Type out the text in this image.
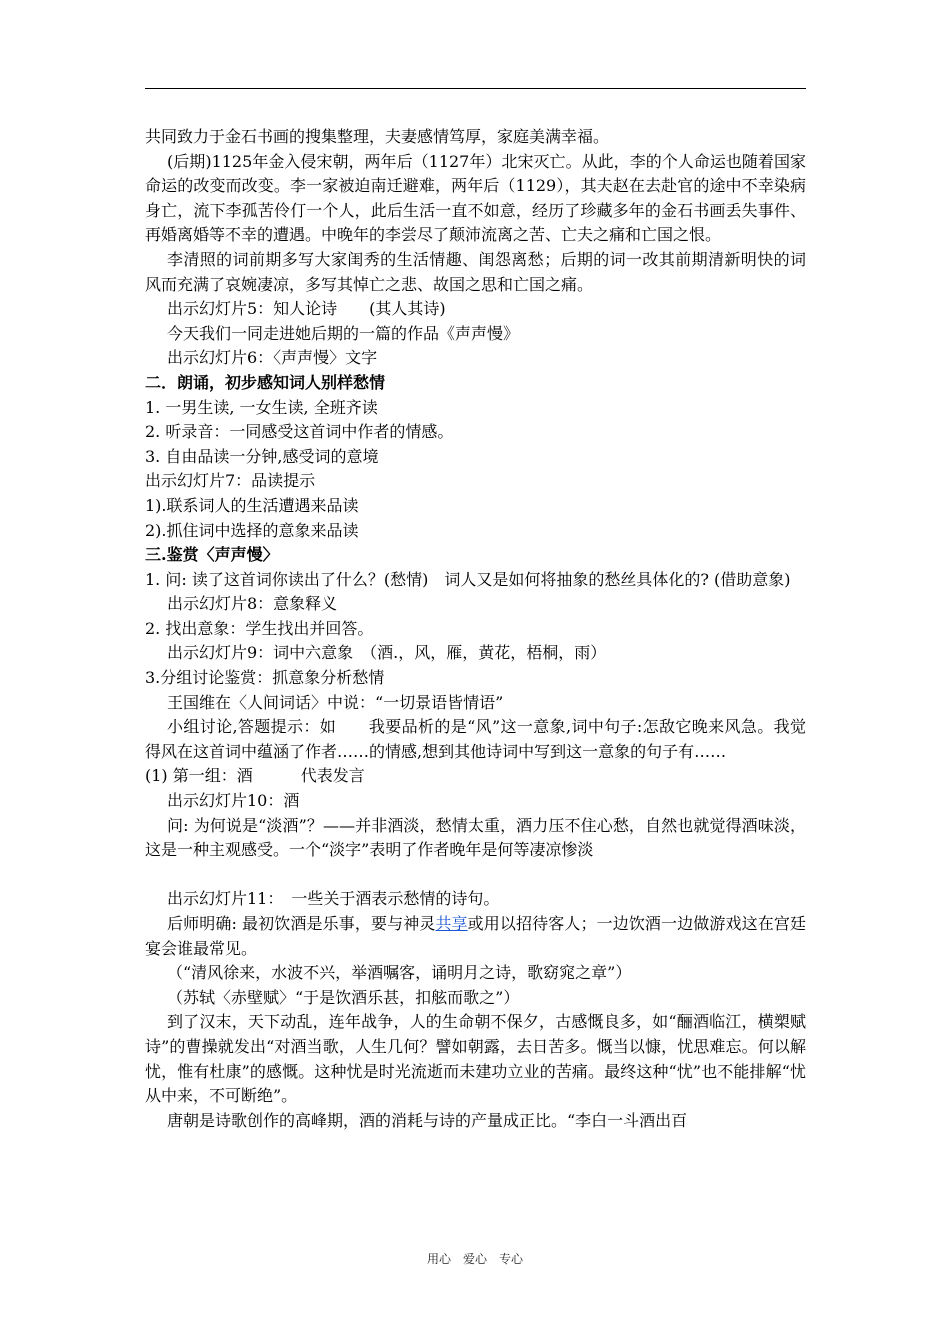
共同致力于金石书画的搜集整理，夫妻感情笃厚，家庭美满幸福。

(后期)1125年金入侵宋朝，两年后（1127年）北宋灭亡。从此，李的个人命运也随着国家命运的改变而改变。李一家被迫南迁避难，两年后（1129），其夫赵在去赴官的途中不幸染病身亡，流下李孤苦伶仃一个人，此后生活一直不如意，经历了珍藏多年的金石书画丢失事件、再婚离婚等不幸的遭遇。中晚年的李尝尽了颠沛流离之苦、亡夫之痛和亡国之恨。

李清照的词前期多写大家闺秀的生活情趣、闺怨离愁；后期的词一改其前期清新明快的词风而充满了哀婉凄凉，多写其悼亡之悲、故国之思和亡国之痛。

出示幻灯片5：知人论诗　　(其人其诗)

今天我们一同走进她后期的一篇的作品《声声慢》

出示幻灯片6：〈声声慢〉文字

二．朗诵，初步感知词人别样愁情

1. 一男生读, 一女生读, 全班齐读

2. 听录音：一同感受这首词中作者的情感。

3. 自由品读一分钟,感受词的意境

出示幻灯片7：品读提示

1).联系词人的生活遭遇来品读

2).抓住词中选择的意象来品读

三.鉴赏〈声声慢〉

1. 问: 读了这首词你读出了什么？(愁情)　词人又是如何将抽象的愁丝具体化的? (借助意象)

出示幻灯片8：意象释义

2. 找出意象：学生找出并回答。

出示幻灯片9：词中六意象　（酒.，风，雁，黄花，梧桐，雨）

3.分组讨论鉴赏：抓意象分析愁情

王国维在〈人间词话〉中说：“一切景语皆情语”

小组讨论,答题提示：如　　我要品析的是“风”这一意象,词中句子:怎敌它晚来风急。我觉得风在这首词中蕴涵了作者……的情感,想到其他诗词中写到这一意象的句子有……

(1) 第一组：酒　　　代表发言

出示幻灯片10：酒

问: 为何说是“淡酒”？——并非酒淡，愁情太重，酒力压不住心愁，自然也就觉得酒味淡，这是一种主观感受。一个“淡字”表明了作者晚年是何等凄凉惨淡

出示幻灯片11：　一些关于酒表示愁情的诗句。

后师明确: 最初饮酒是乐事，要与神灵共享或用以招待客人；一边饮酒一边做游戏这在宫廷宴会谁最常见。

（“清风徐来，水波不兴，举酒嘱客，诵明月之诗，歌窈窕之章”）

（苏轼〈赤壁赋〉“于是饮酒乐甚，扣舷而歌之”）

到了汉末，天下动乱，连年战争，人的生命朝不保夕，古感慨良多，如“酾酒临江，横槊赋诗”的曹操就发出“对酒当歌，人生几何？譬如朝露，去日苦多。慨当以慷，忧思难忘。何以解忧，惟有杜康”的感慨。这种忧是时光流逝而未建功立业的苦痛。最终这种“忧”也不能排解“忧从中来，不可断绝”。

唐朝是诗歌创作的高峰期，酒的消耗与诗的产量成正比。“李白一斗酒出百

用心　爱心　专心
